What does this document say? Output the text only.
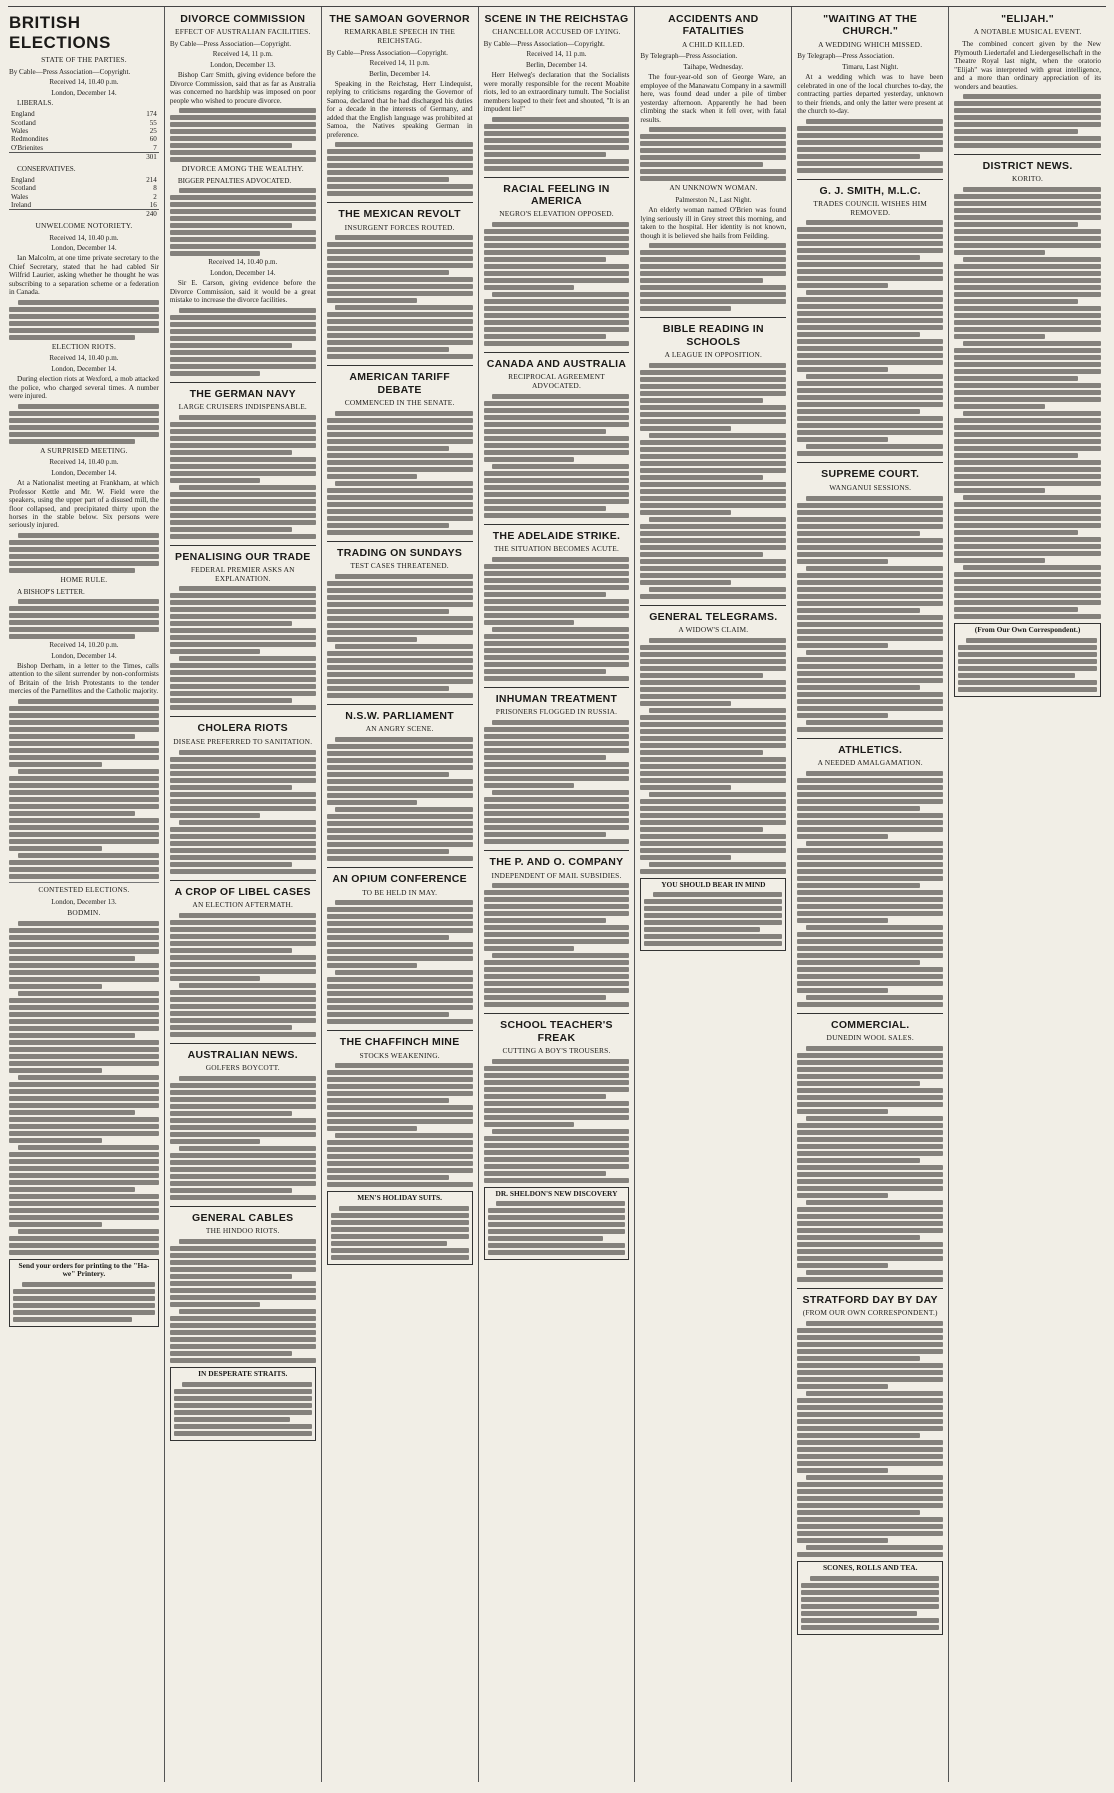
BRITISH ELECTIONS
STATE OF THE PARTIES.
By Cable—Press Association—Copyright.
Received 14, 10.40 p.m.
London, December 14.

LIBERALS.

England	174
Scotland	55
Wales	25
Redmondites	60
O'Brienites	7
	301

CONSERVATIVES.

England	214
Scotland	8
Wales	2
Ireland	16
	240
UNWELCOME NOTORIETY.
Received 14, 10.40 p.m.
London, December 14.

Ian Malcolm, at one time private secretary to the Chief Secretary, stated that he had cabled Sir Wilfrid Laurier, asking whether he thought he was subscribing to a separation scheme or a federation in Canada.

ELECTION RIOTS.
Received 14, 10.40 p.m.
London, December 14.

During election riots at Wexford, a mob attacked the police, who charged several times. A number were injured.

A SURPRISED MEETING.
Received 14, 10.40 p.m.
London, December 14.

At a Nationalist meeting at Frankham, at which Professor Kettle and Mr. W. Field were the speakers, using the upper part of a disused mill, the floor collapsed, and precipitated thirty upon the horses in the stable below. Six persons were seriously injured.

HOME RULE.

A BISHOP'S LETTER.

Received 14, 10.20 p.m.
London, December 14.

Bishop Derham, in a letter to the Times, calls attention to the silent surrender by non-conformists of Britain of the Irish Protestants to the tender mercies of the Parnellites and the Catholic majority.

CONTESTED ELECTIONS.
London, December 13.
BODMIN.
Send your orders for printing to the "Ha-we" Printery.
DIVORCE COMMISSION
EFFECT OF AUSTRALIAN FACILITIES.
By Cable—Press Association—Copyright.
Received 14, 11 p.m.
London, December 13.

Bishop Carr Smith, giving evidence before the Divorce Commission, said that as far as Australia was concerned no hardship was imposed on poor people who wished to procure divorce.

DIVORCE AMONG THE WEALTHY.

BIGGER PENALTIES ADVOCATED.

Received 14, 10.40 p.m.
London, December 14.

Sir E. Carson, giving evidence before the Divorce Commission, said it would be a great mistake to increase the divorce facilities.

THE GERMAN NAVY
LARGE CRUISERS INDISPENSABLE.
PENALISING OUR TRADE
FEDERAL PREMIER ASKS AN EXPLANATION.
CHOLERA RIOTS
DISEASE PREFERRED TO SANITATION.
A CROP OF LIBEL CASES
AN ELECTION AFTERMATH.
AUSTRALIAN NEWS.
GOLFERS BOYCOTT.
GENERAL CABLES
THE HINDOO RIOTS.
IN DESPERATE STRAITS.
THE SAMOAN GOVERNOR
REMARKABLE SPEECH IN THE REICHSTAG.
By Cable—Press Association—Copyright.
Received 14, 11 p.m.
Berlin, December 14.

Speaking in the Reichstag, Herr Lindequist, replying to criticisms regarding the Governor of Samoa, declared that he had discharged his duties for a decade in the interests of Germany, and added that the English language was prohibited at Samoa, the Natives speaking German in preference.

THE MEXICAN REVOLT
INSURGENT FORCES ROUTED.
AMERICAN TARIFF DEBATE
COMMENCED IN THE SENATE.
TRADING ON SUNDAYS
TEST CASES THREATENED.
N.S.W. PARLIAMENT
AN ANGRY SCENE.
AN OPIUM CONFERENCE
TO BE HELD IN MAY.
THE CHAFFINCH MINE
STOCKS WEAKENING.
MEN'S HOLIDAY SUITS.
SCENE IN THE REICHSTAG
CHANCELLOR ACCUSED OF LYING.
By Cable—Press Association—Copyright.
Received 14, 11 p.m.
Berlin, December 14.

Herr Helweg's declaration that the Socialists were morally responsible for the recent Moabite riots, led to an extraordinary tumult. The Socialist members leaped to their feet and shouted, "It is an impudent lie!"

RACIAL FEELING IN AMERICA
NEGRO'S ELEVATION OPPOSED.
CANADA AND AUSTRALIA
RECIPROCAL AGREEMENT ADVOCATED.
THE ADELAIDE STRIKE.
THE SITUATION BECOMES ACUTE.
INHUMAN TREATMENT
PRISONERS FLOGGED IN RUSSIA.
THE P. AND O. COMPANY
INDEPENDENT OF MAIL SUBSIDIES.
SCHOOL TEACHER'S FREAK
CUTTING A BOY'S TROUSERS.
DR. SHELDON'S NEW DISCOVERY
ACCIDENTS AND FATALITIES
A CHILD KILLED.
By Telegraph—Press Association.
Taihape, Wednesday.

The four-year-old son of George Ware, an employee of the Manawatu Company in a sawmill here, was found dead under a pile of timber yesterday afternoon. Apparently he had been climbing the stack when it fell over, with fatal results.

AN UNKNOWN WOMAN.
Palmerston N., Last Night.

An elderly woman named O'Brien was found lying seriously ill in Grey street this morning, and taken to the hospital. Her identity is not known, though it is believed she hails from Feilding.

BIBLE READING IN SCHOOLS
A LEAGUE IN OPPOSITION.
GENERAL TELEGRAMS.
A WIDOW'S CLAIM.
YOU SHOULD BEAR IN MIND
"WAITING AT THE CHURCH."
A WEDDING WHICH MISSED.
By Telegraph—Press Association.
Timaru, Last Night.

At a wedding which was to have been celebrated in one of the local churches to-day, the contracting parties departed yesterday, unknown to their friends, and only the latter were present at the church to-day.

G. J. SMITH, M.L.C.
TRADES COUNCIL WISHES HIM REMOVED.
SUPREME COURT.
WANGANUI SESSIONS.
ATHLETICS.
A NEEDED AMALGAMATION.
COMMERCIAL.
DUNEDIN WOOL SALES.
STRATFORD DAY BY DAY
(FROM OUR OWN CORRESPONDENT.)
SCONES, ROLLS AND TEA.
"ELIJAH."
A NOTABLE MUSICAL EVENT.

The combined concert given by the New Plymouth Liedertafel and Liedergesellschaft in the Theatre Royal last night, when the oratorio "Elijah" was interpreted with great intelligence, and a more than ordinary appreciation of its wonders and beauties.

DISTRICT NEWS.
KORITO.
(From Our Own Correspondent.)
